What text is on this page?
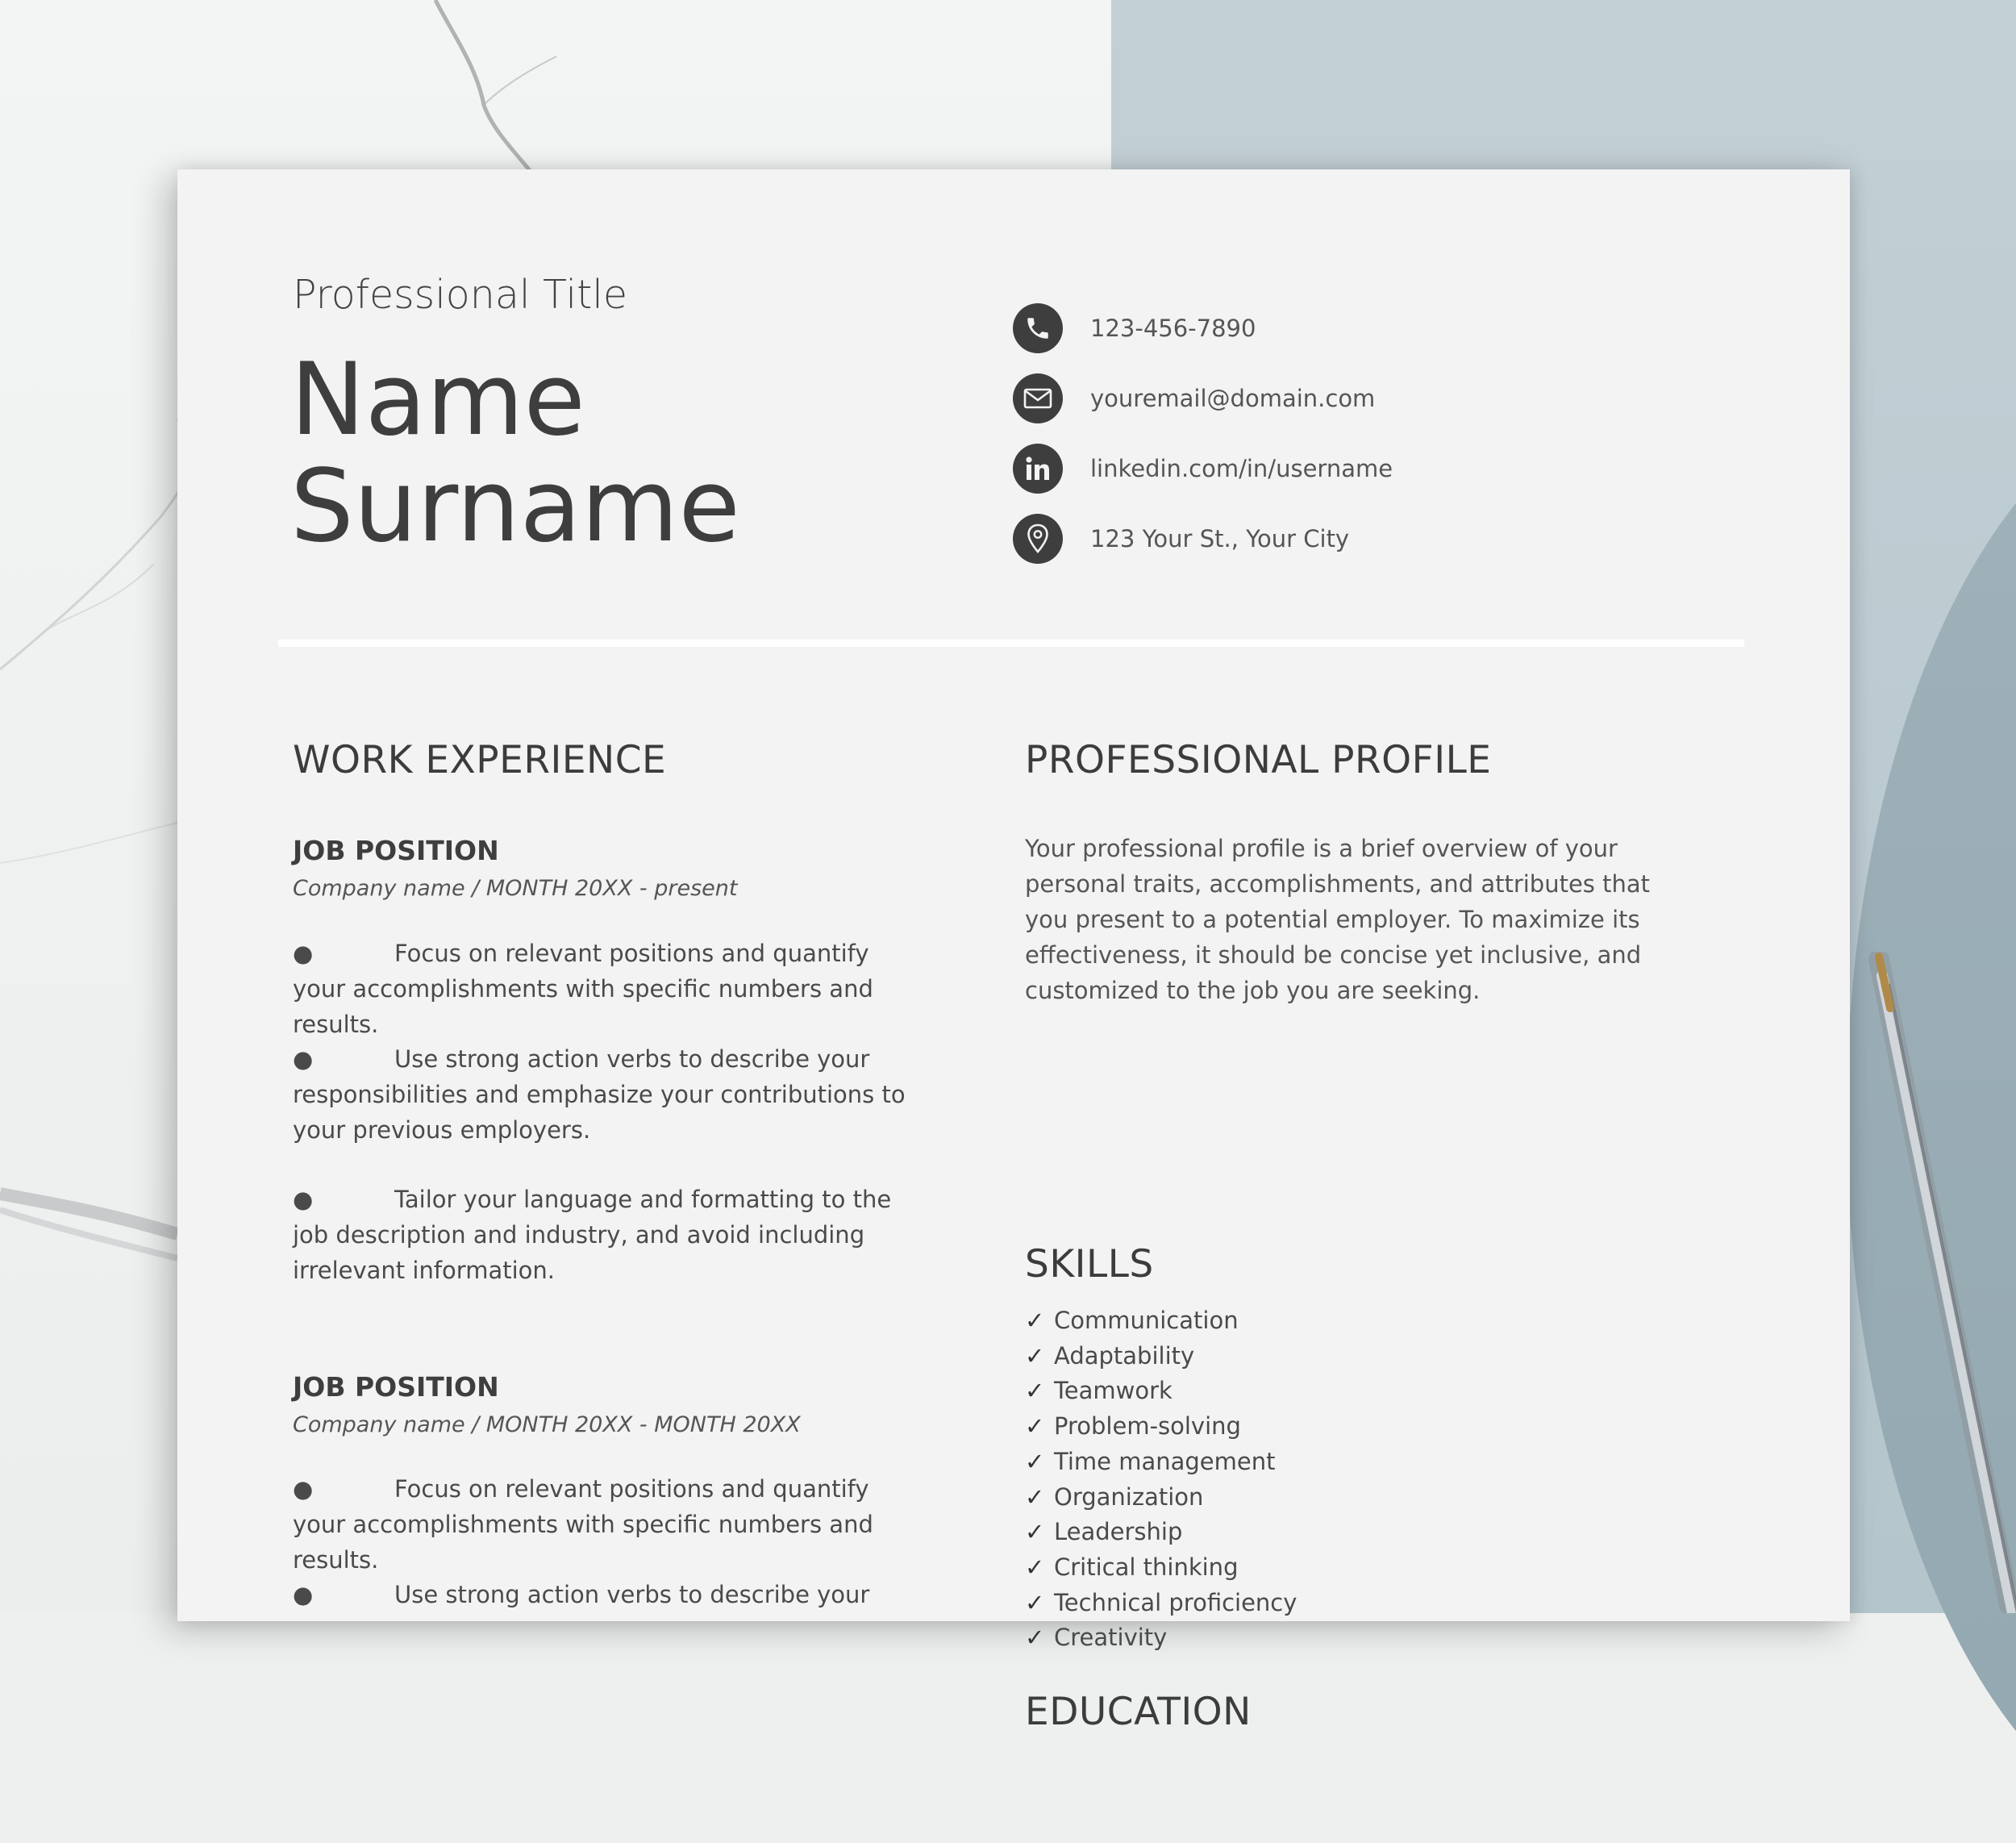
Professional Title
Name
Surname
123-456-7890
youremail@domain.com
linkedin.com/in/username
123 Your St., Your City
WORK EXPERIENCE
JOB POSITION
Company name / MONTH 20XX - present
●	Focus on relevant positions and quantify your accomplishments with specific numbers and results.
●	Use strong action verbs to describe your responsibilities and emphasize your contributions to your previous employers.
●	Tailor your language and formatting to the job description and industry, and avoid including irrelevant information.
JOB POSITION
Company name / MONTH 20XX - MONTH 20XX
●	Focus on relevant positions and quantify your accomplishments with specific numbers and results.
●	Use strong action verbs to describe your
PROFESSIONAL PROFILE
Your professional profile is a brief overview of your personal traits, accomplishments, and attributes that you present to a potential employer. To maximize its effectiveness, it should be concise yet inclusive, and customized to the job you are seeking.
SKILLS
✓ Communication
✓ Adaptability
✓ Teamwork
✓ Problem-solving
✓ Time management
✓ Organization
✓ Leadership
✓ Critical thinking
✓ Technical proficiency
✓ Creativity
EDUCATION
